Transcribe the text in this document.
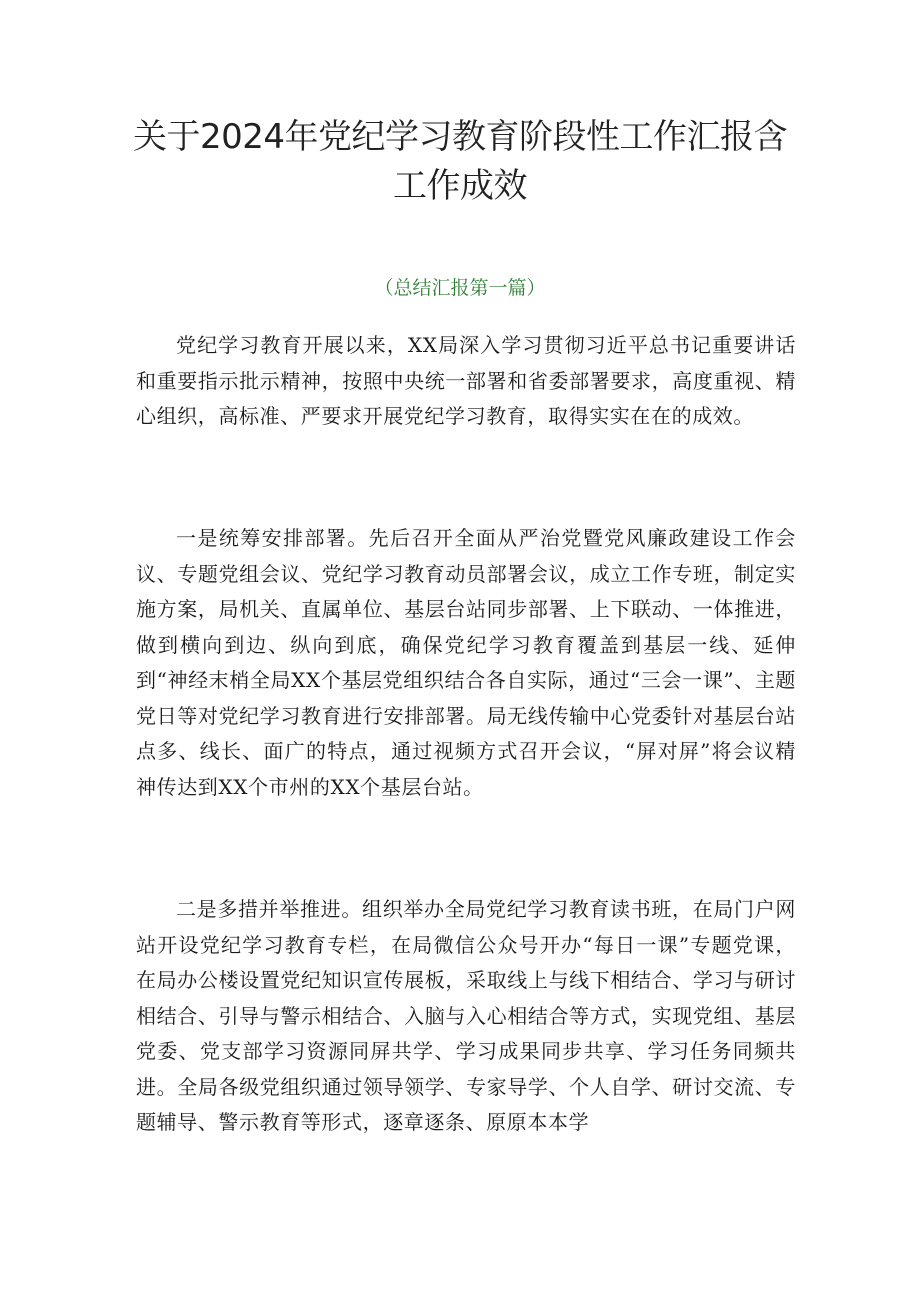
关于2024年党纪学习教育阶段性工作汇报含工作成效

（总结汇报第一篇）

党纪学习教育开展以来，XX局深入学习贯彻习近平总书记重要讲话和重要指示批示精神，按照中央统一部署和省委部署要求，高度重视、精心组织，高标准、严要求开展党纪学习教育，取得实实在在的成效。

一是统筹安排部署。先后召开全面从严治党暨党风廉政建设工作会议、专题党组会议、党纪学习教育动员部署会议，成立工作专班，制定实施方案，局机关、直属单位、基层台站同步部署、上下联动、一体推进，做到横向到边、纵向到底，确保党纪学习教育覆盖到基层一线、延伸到“神经末梢全局XX个基层党组织结合各自实际，通过“三会一课”、主题党日等对党纪学习教育进行安排部署。局无线传输中心党委针对基层台站点多、线长、面广的特点，通过视频方式召开会议，“屏对屏”将会议精神传达到XX个市州的XX个基层台站。

二是多措并举推进。组织举办全局党纪学习教育读书班，在局门户网站开设党纪学习教育专栏，在局微信公众号开办“每日一课”专题党课，在局办公楼设置党纪知识宣传展板，采取线上与线下相结合、学习与研讨相结合、引导与警示相结合、入脑与入心相结合等方式，实现党组、基层党委、党支部学习资源同屏共学、学习成果同步共享、学习任务同频共进。全局各级党组织通过领导领学、专家导学、个人自学、研讨交流、专题辅导、警示教育等形式，逐章逐条、原原本本学
